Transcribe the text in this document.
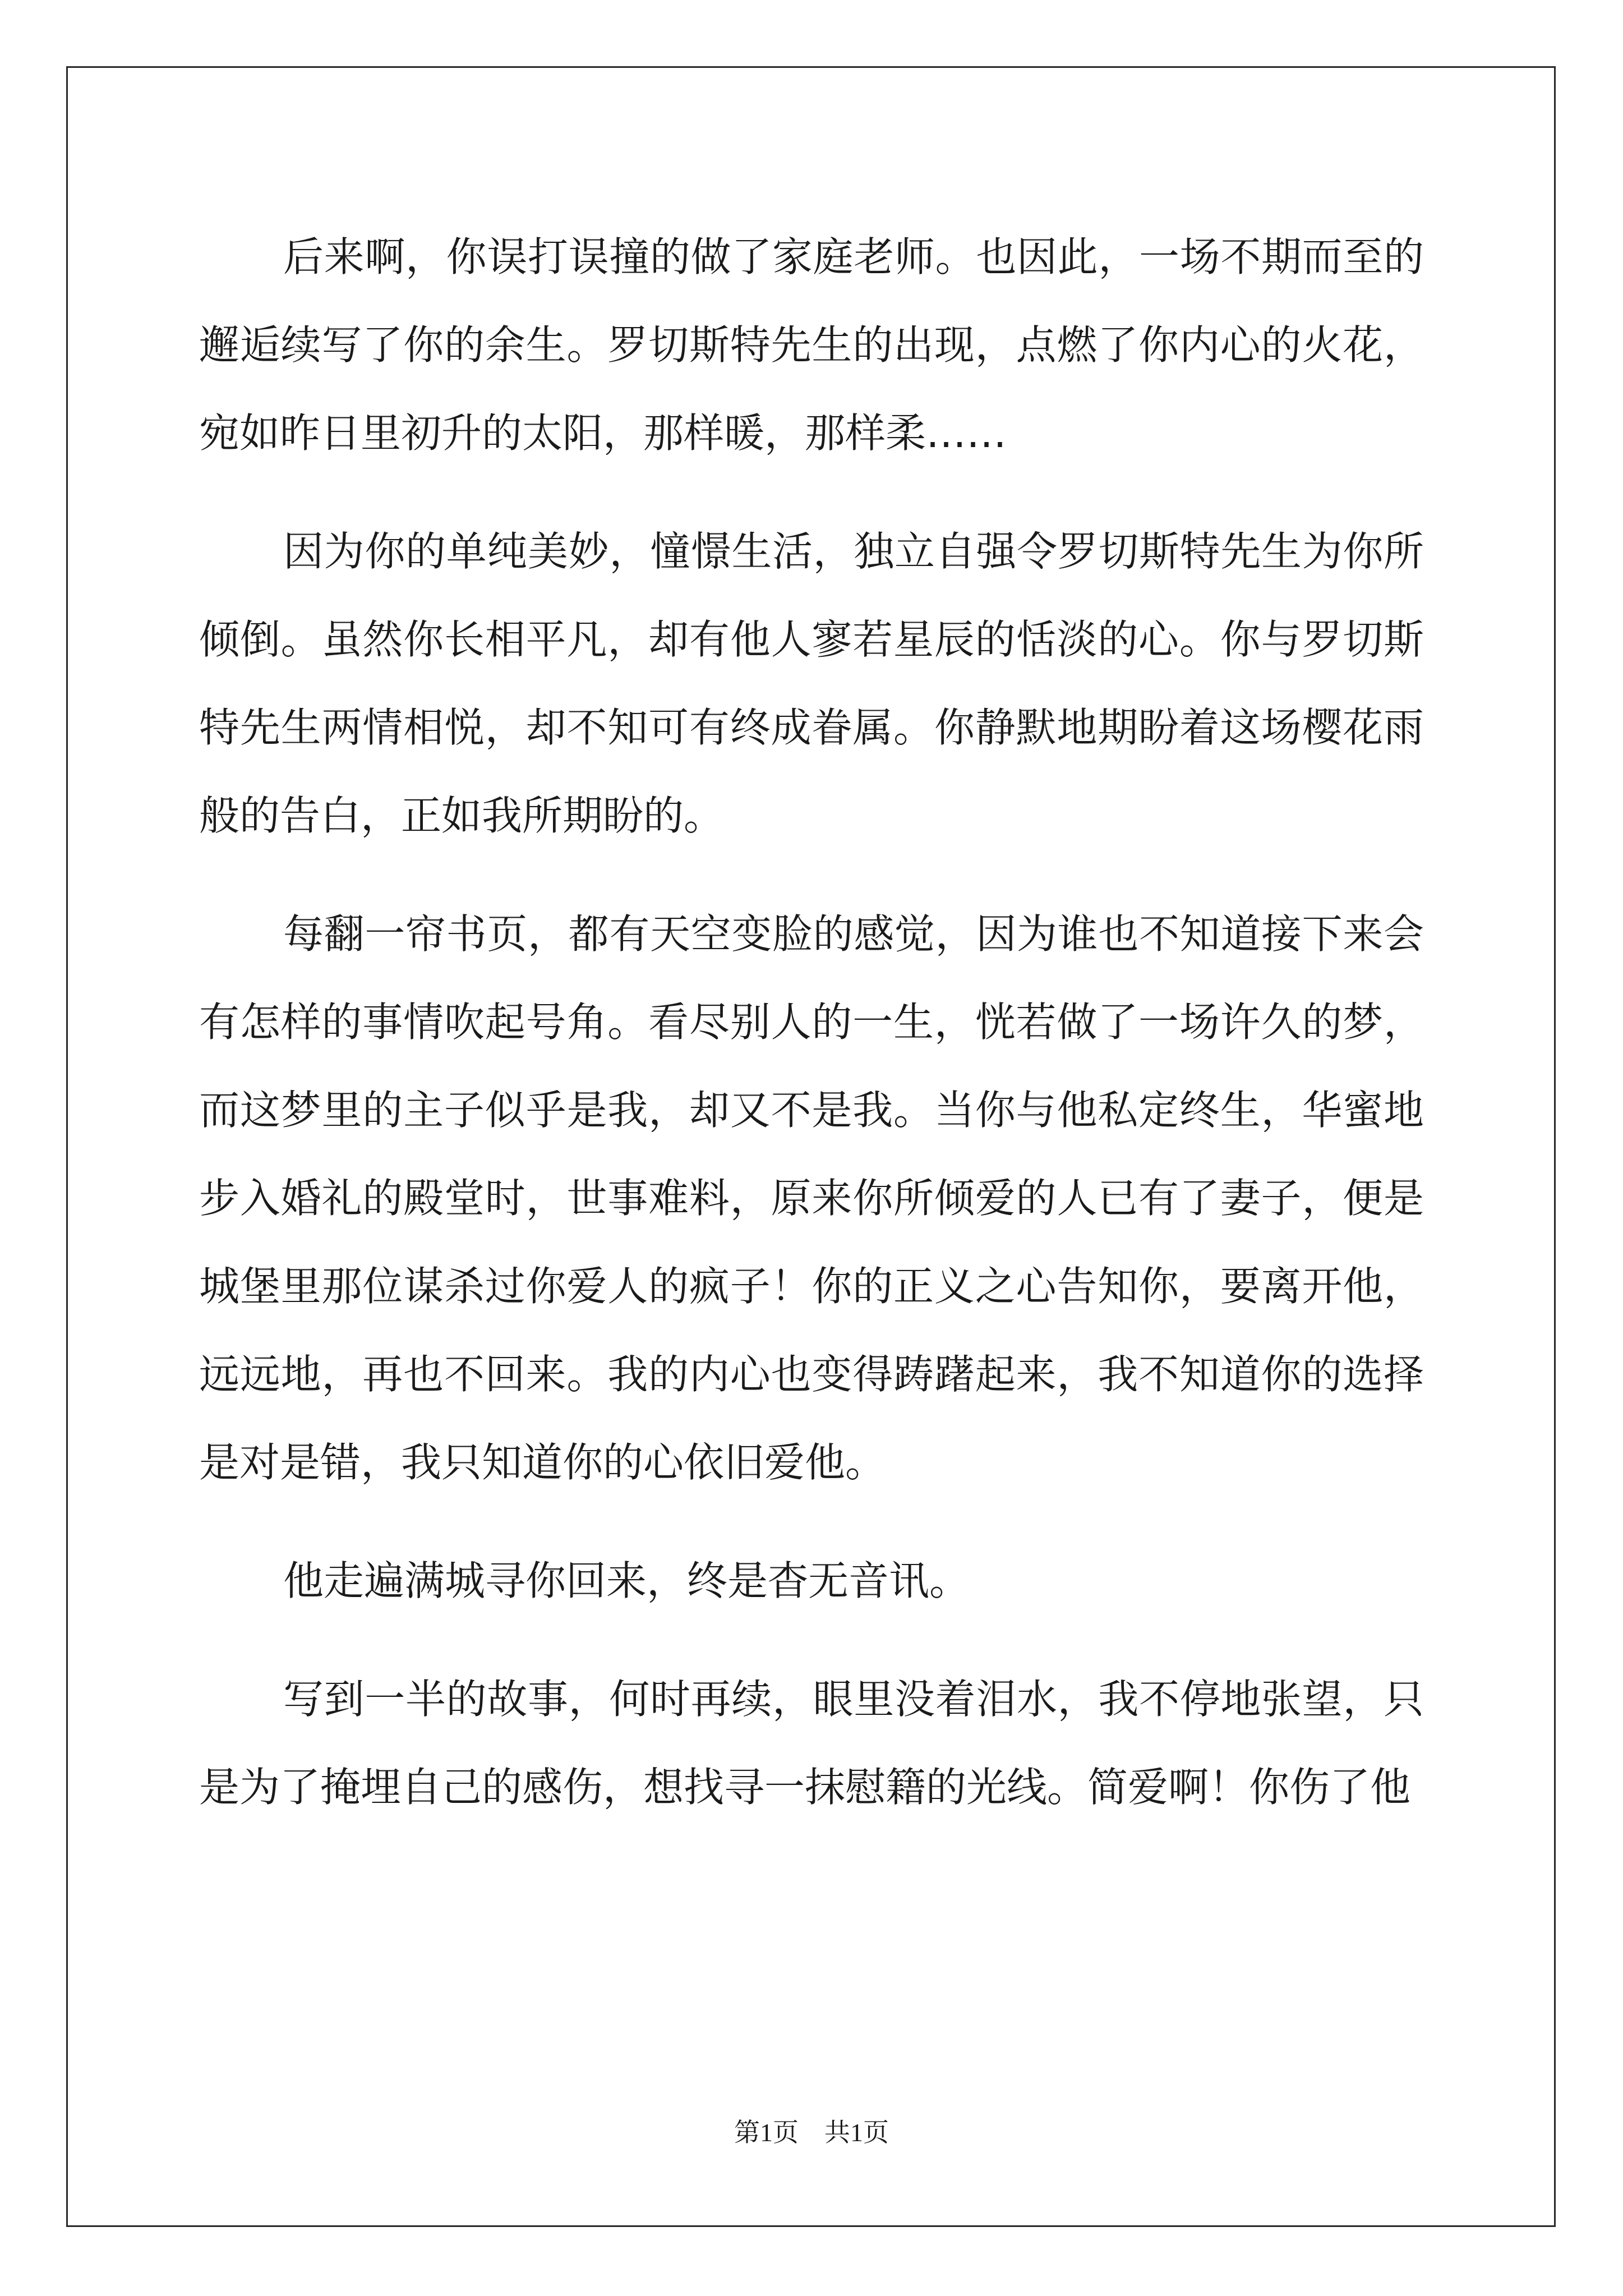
后来啊，你误打误撞的做了家庭老师。也因此，一场不期而至的邂逅续写了你的余生。罗切斯特先生的出现，点燃了你内心的火花，宛如昨日里初升的太阳，那样暖，那样柔……

因为你的单纯美妙，憧憬生活，独立自强令罗切斯特先生为你所倾倒。虽然你长相平凡，却有他人寥若星辰的恬淡的心。你与罗切斯特先生两情相悦，却不知可有终成眷属。你静默地期盼着这场樱花雨般的告白，正如我所期盼的。

每翻一帘书页，都有天空变脸的感觉，因为谁也不知道接下来会有怎样的事情吹起号角。看尽别人的一生，恍若做了一场许久的梦，而这梦里的主子似乎是我，却又不是我。当你与他私定终生，华蜜地步入婚礼的殿堂时，世事难料，原来你所倾爱的人已有了妻子，便是城堡里那位谋杀过你爱人的疯子！你的正义之心告知你，要离开他，远远地，再也不回来。我的内心也变得踌躇起来，我不知道你的选择是对是错，我只知道你的心依旧爱他。

他走遍满城寻你回来，终是杳无音讯。

写到一半的故事，何时再续，眼里没着泪水，我不停地张望，只是为了掩埋自己的感伤，想找寻一抹慰籍的光线。简爱啊！你伤了他

第1页　共1页
